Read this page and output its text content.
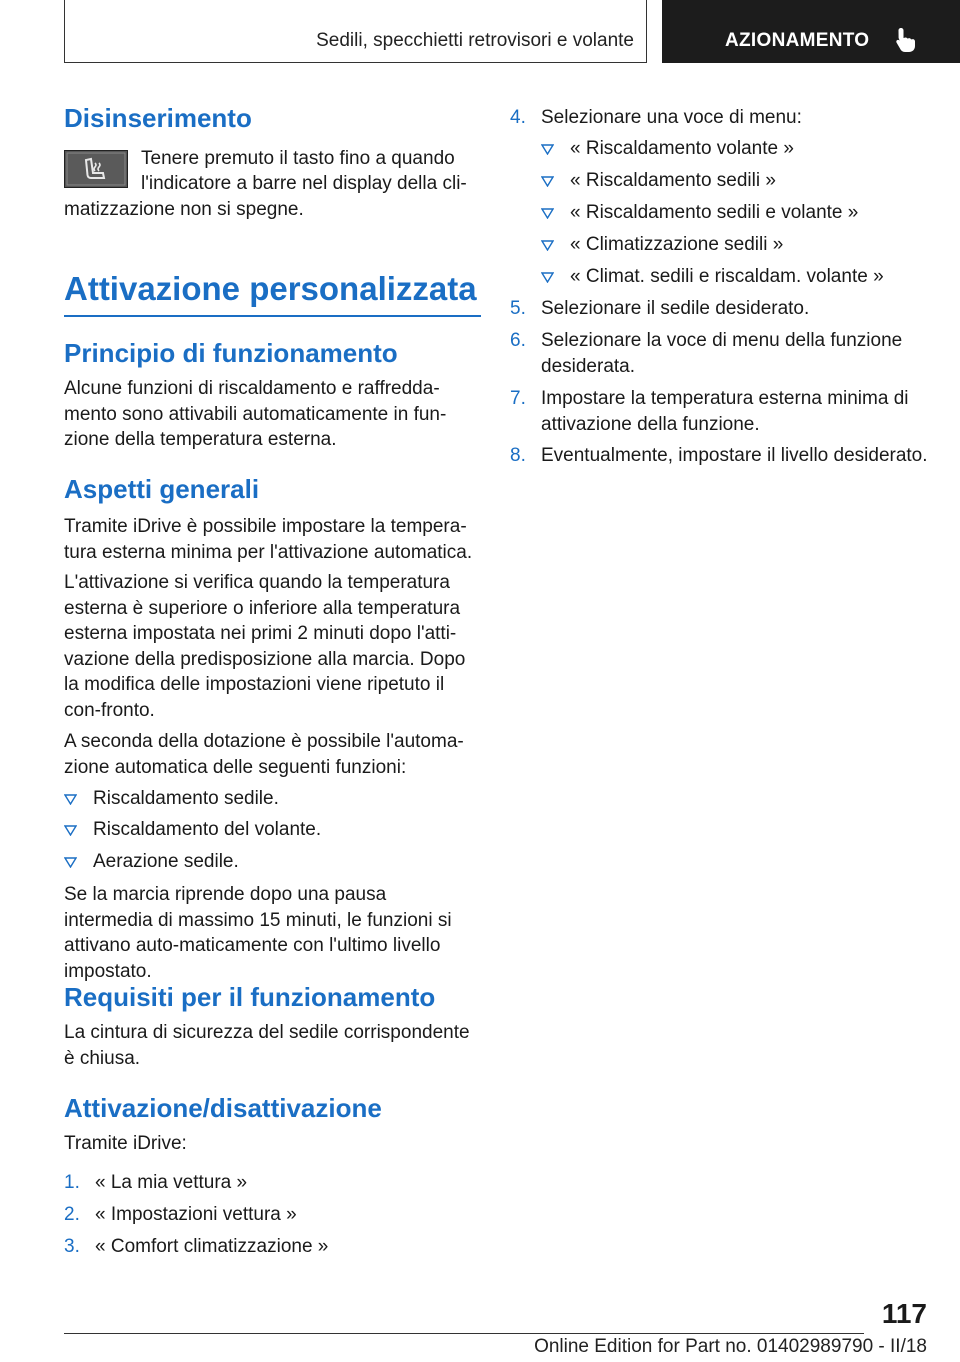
Sedili, specchietti retrovisori e volante	AZIONAMENTO
Disinserimento
Tenere premuto il tasto fino a quando
l'indicatore a barre nel display della cli-
matizzazione non si spegne.
Attivazione personalizzata
Principio di funzionamento

Alcune funzioni di riscaldamento e raffredda-mento sono attivabili automaticamente in fun-zione della temperatura esterna.

Aspetti generali

Tramite iDrive è possibile impostare la tempera-tura esterna minima per l'attivazione automatica.

L'attivazione si verifica quando la temperatura esterna è superiore o inferiore alla temperatura esterna impostata nei primi 2 minuti dopo l'atti-vazione della predisposizione alla marcia. Dopo la modifica delle impostazioni viene ripetuto il con-fronto.

A seconda della dotazione è possibile l'automa-zione automatica delle seguenti funzioni:

Riscaldamento sedile.
Riscaldamento del volante.
Aerazione sedile.

Se la marcia riprende dopo una pausa intermedia di massimo 15 minuti, le funzioni si attivano auto-maticamente con l'ultimo livello impostato.

Requisiti per il funzionamento

La cintura di sicurezza del sedile corrispondente è chiusa.

Attivazione/disattivazione

Tramite iDrive:

1. « La mia vettura »
2. « Impostazioni vettura »
3. « Comfort climatizzazione »
4. Selezionare una voce di menu:
« Riscaldamento volante »
« Riscaldamento sedili »
« Riscaldamento sedili e volante »
« Climatizzazione sedili »
« Climat. sedili e riscaldam. volante »
5. Selezionare il sedile desiderato.
6. Selezionare la voce di menu della funzione desiderata.
7. Impostare la temperatura esterna minima di attivazione della funzione.
8. Eventualmente, impostare il livello desiderato.
117
Online Edition for Part no. 01402989790 - II/18
